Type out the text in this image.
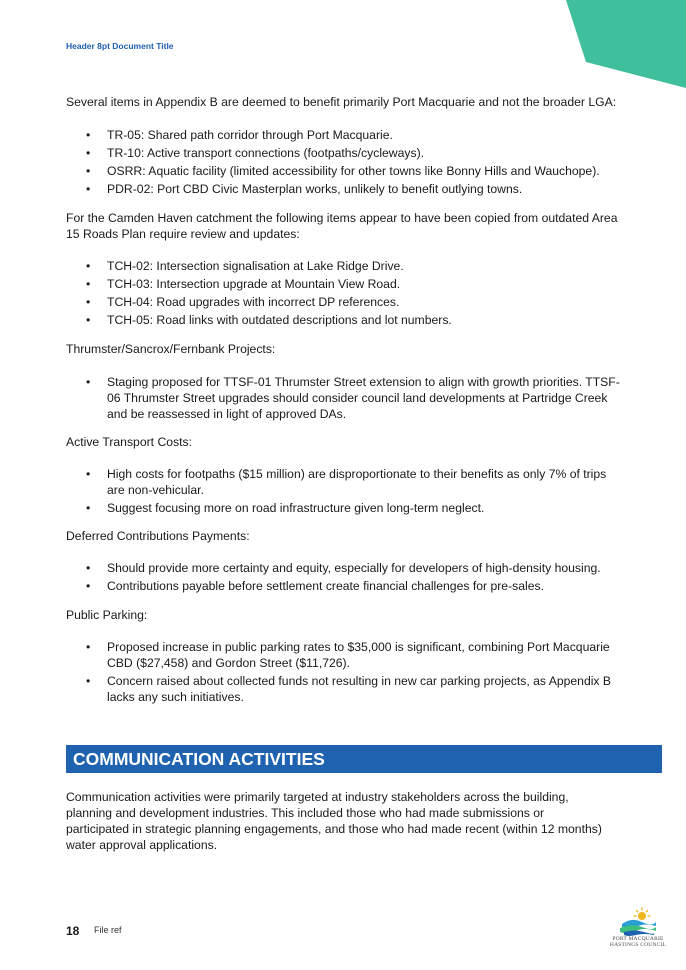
Header 8pt Document Title

Several items in Appendix B are deemed to benefit primarily Port Macquarie and not the broader LGA:

• TR-05: Shared path corridor through Port Macquarie.
• TR-10: Active transport connections (footpaths/cycleways).
• OSRR: Aquatic facility (limited accessibility for other towns like Bonny Hills and Wauchope).
• PDR-02: Port CBD Civic Masterplan works, unlikely to benefit outlying towns.

For the Camden Haven catchment the following items appear to have been copied from outdated Area 15 Roads Plan require review and updates:

• TCH-02: Intersection signalisation at Lake Ridge Drive.
• TCH-03: Intersection upgrade at Mountain View Road.
• TCH-04: Road upgrades with incorrect DP references.
• TCH-05: Road links with outdated descriptions and lot numbers.

Thrumster/Sancrox/Fernbank Projects:

• Staging proposed for TTSF-01 Thrumster Street extension to align with growth priorities. TTSF-06 Thrumster Street upgrades should consider council land developments at Partridge Creek and be reassessed in light of approved DAs.

Active Transport Costs:

• High costs for footpaths ($15 million) are disproportionate to their benefits as only 7% of trips are non-vehicular.
• Suggest focusing more on road infrastructure given long-term neglect.

Deferred Contributions Payments:

• Should provide more certainty and equity, especially for developers of high-density housing.
• Contributions payable before settlement create financial challenges for pre-sales.

Public Parking:

• Proposed increase in public parking rates to $35,000 is significant, combining Port Macquarie CBD ($27,458) and Gordon Street ($11,726).
• Concern raised about collected funds not resulting in new car parking projects, as Appendix B lacks any such initiatives.
COMMUNICATION ACTIVITIES

Communication activities were primarily targeted at industry stakeholders across the building, planning and development industries. This included those who had made submissions or participated in strategic planning engagements, and those who had made recent (within 12 months) water approval applications.

18 File ref
PORT MACQUARIE
HASTINGS COUNCIL
